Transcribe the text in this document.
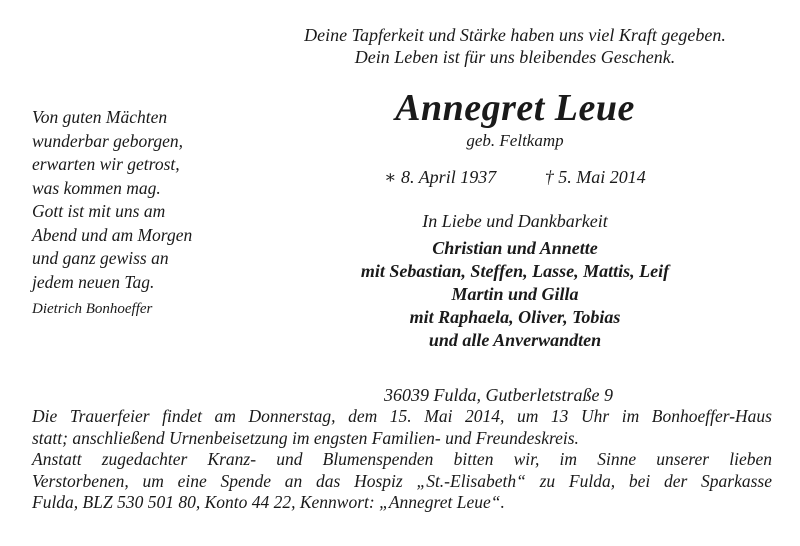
Deine Tapferkeit und Stärke haben uns viel Kraft gegeben.
Dein Leben ist für uns bleibendes Geschenk.
Von guten Mächten
wunderbar geborgen,
erwarten wir getrost,
was kommen mag.
Gott ist mit uns am
Abend und am Morgen
und ganz gewiss an
jedem neuen Tag.
Dietrich Bonhoeffer
Annegret Leue
geb. Feltkamp
∗ 8. April 1937	† 5. Mai 2014
In Liebe und Dankbarkeit
Christian und Annette
mit Sebastian, Steffen, Lasse, Mattis, Leif
Martin und Gilla
mit Raphaela, Oliver, Tobias
und alle Anverwandten
36039 Fulda, Gutberletstraße 9
Die Trauerfeier findet am Donnerstag, dem 15. Mai 2014, um 13 Uhr im Bonhoeffer-Haus
statt; anschließend Urnenbeisetzung im engsten Familien- und Freundeskreis.
Anstatt zugedachter Kranz- und Blumenspenden bitten wir, im Sinne unserer lieben
Verstorbenen, um eine Spende an das Hospiz „St.-Elisabeth“ zu Fulda, bei der Sparkasse
Fulda, BLZ 530 501 80, Konto 44 22, Kennwort: „Annegret Leue“.
